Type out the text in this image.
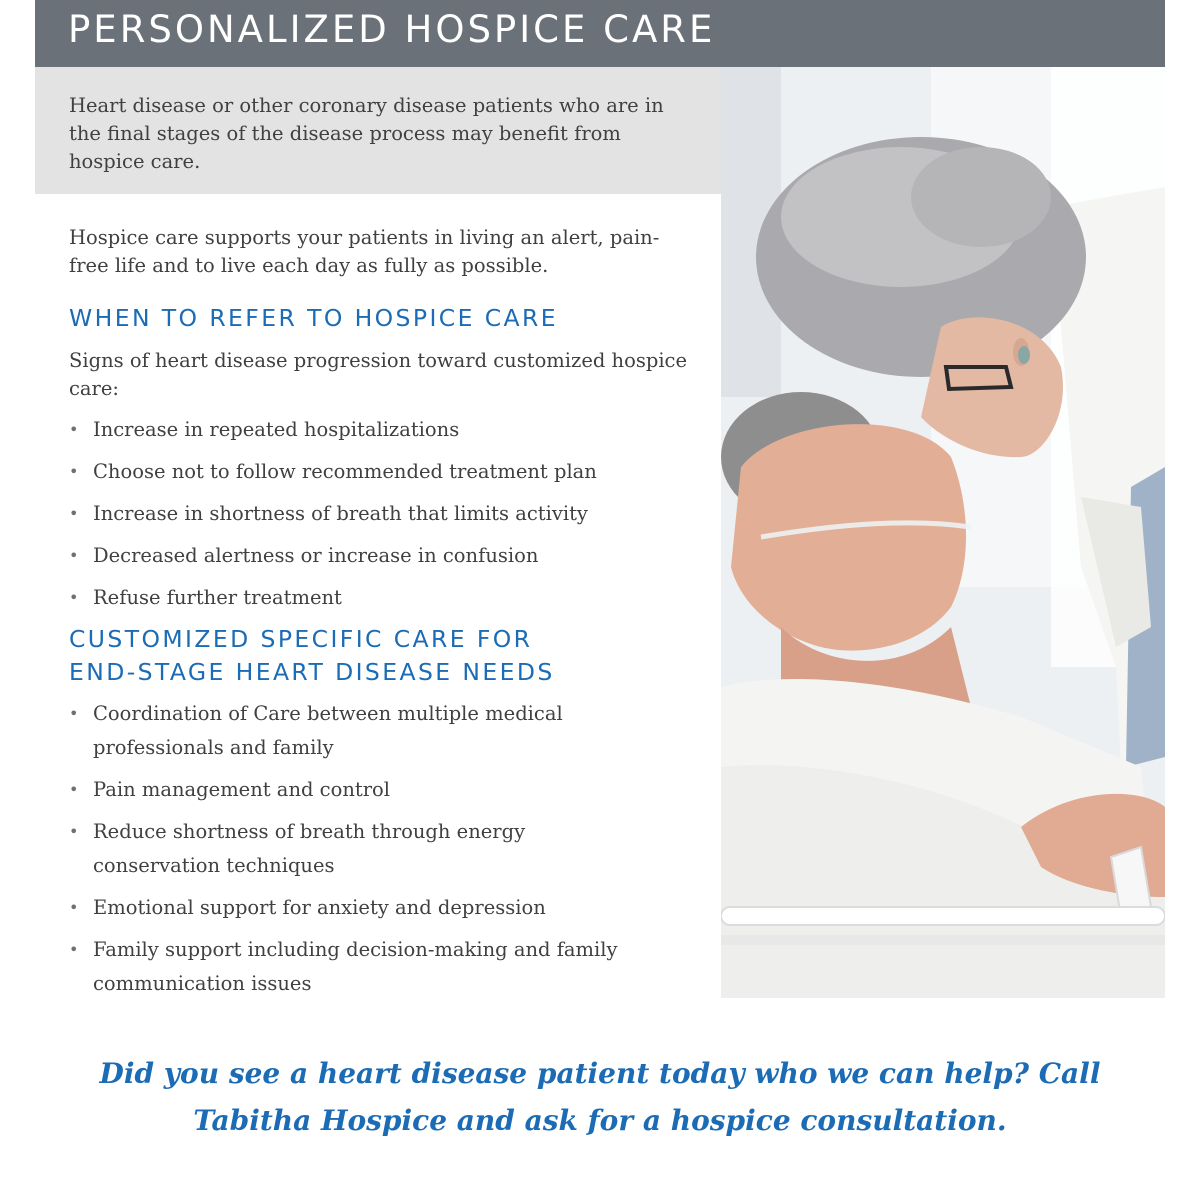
PERSONALIZED HOSPICE CARE

Heart disease or other coronary disease patients who are in the final stages of the disease process may benefit from hospice care.

Hospice care supports your patients in living an alert, pain-free life and to live each day as fully as possible.

WHEN TO REFER TO HOSPICE CARE

Signs of heart disease progression toward customized hospice care:

• Increase in repeated hospitalizations
• Choose not to follow recommended treatment plan
• Increase in shortness of breath that limits activity
• Decreased alertness or increase in confusion
• Refuse further treatment
CUSTOMIZED SPECIFIC CARE FOR
END-STAGE HEART DISEASE NEEDS
• Coordination of Care between multiple medical professionals and family
• Pain management and control
• Reduce shortness of breath through energy conservation techniques
• Emotional support for anxiety and depression
• Family support including decision-making and family communication issues
Did you see a heart disease patient today who we can help? Call
Tabitha Hospice and ask for a hospice consultation.
